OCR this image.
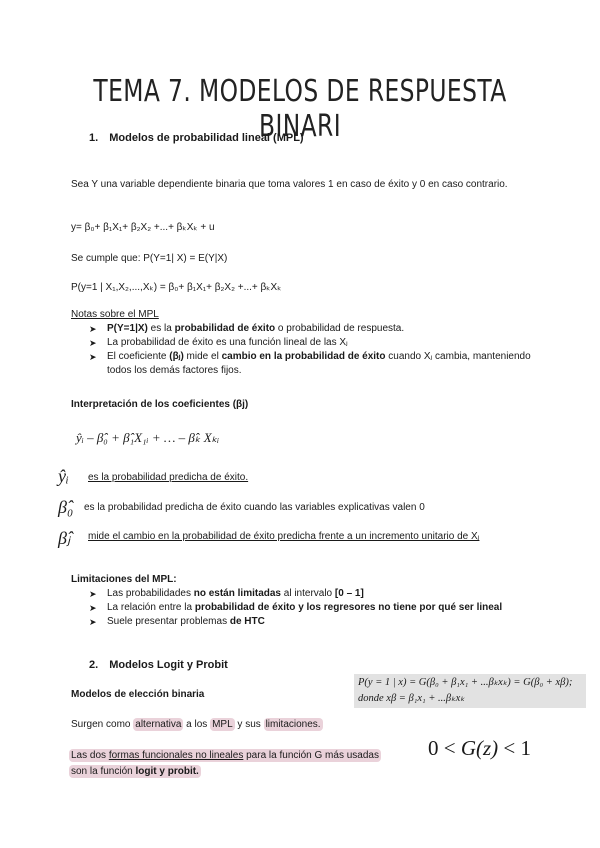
TEMA 7. MODELOS DE RESPUESTA BINARI
1. Modelos de probabilidad lineal (MPL)
Sea Y una variable dependiente binaria que toma valores 1 en caso de éxito y 0 en caso contrario.
y= β₀+ β₁X₁+ β₂X₂ +...+ βₖXₖ + u
Se cumple que: P(Y=1| X) = E(Y|X)
P(y=1 | X₁,X₂,...,Xₖ) = β₀+ β₁X₁+ β₂X₂ +...+ βₖXₖ
Notas sobre el MPL
➤ P(Y=1|X) es la probabilidad de éxito o probabilidad de respuesta.
➤ La probabilidad de éxito es una función lineal de las Xⱼ
➤ El coeficiente (βⱼ) mide el cambio en la probabilidad de éxito cuando Xⱼ cambia, manteniendo todos los demás factores fijos.
Interpretación de los coeficientes (βj)
ŷᵢ – β̂₀ + β̂₁X₁ᵢ + … – β̂ₖ Xₖᵢ
ŷᵢ es la probabilidad predicha de éxito.
β̂₀ es la probabilidad predicha de éxito cuando las variables explicativas valen 0
β̂ⱼ mide el cambio en la probabilidad de éxito predicha frente a un incremento unitario de Xⱼ
Limitaciones del MPL:
➤ Las probabilidades no están limitadas al intervalo [0 – 1]
➤ La relación entre la probabilidad de éxito y los regresores no tiene por qué ser lineal
➤ Suele presentar problemas de HTC
2. Modelos Logit y Probit
P(y = 1 | x) = G(β₀ + β₁x₁ + ...βₖxₖ) = G(β₀ + xβ);
donde xβ = β₁x₁ + ...βₖxₖ
Modelos de elección binaria
Surgen como alternativa a los MPL y sus limitaciones.
Las dos formas funcionales no lineales para la función G más usadas
son la función logit y probit.
0 < G(z) < 1
